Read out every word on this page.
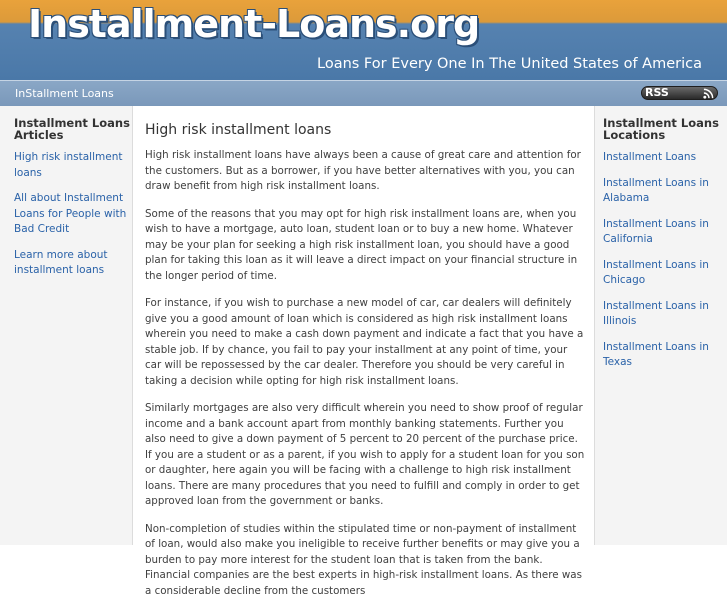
Installment-Loans.org
Loans For Every One In The United States of America
InStallment Loans	RSS
Installment Loans Articles
High risk installment loans
All about Installment Loans for People with Bad Credit
Learn more about installment loans
High risk installment loans

High risk installment loans have always been a cause of great care and attention for the customers. But as a borrower, if you have better alternatives with you, you can draw benefit from high risk installment loans.

Some of the reasons that you may opt for high risk installment loans are, when you wish to have a mortgage, auto loan, student loan or to buy a new home. Whatever may be your plan for seeking a high risk installment loan, you should have a good plan for taking this loan as it will leave a direct impact on your financial structure in the longer period of time.

For instance, if you wish to purchase a new model of car, car dealers will definitely give you a good amount of loan which is considered as high risk installment loans wherein you need to make a cash down payment and indicate a fact that you have a stable job. If by chance, you fail to pay your installment at any point of time, your car will be repossessed by the car dealer. Therefore you should be very careful in taking a decision while opting for high risk installment loans.

Similarly mortgages are also very difficult wherein you need to show proof of regular income and a bank account apart from monthly banking statements. Further you also need to give a down payment of 5 percent to 20 percent of the purchase price. If you are a student or as a parent, if you wish to apply for a student loan for you son or daughter, here again you will be facing with a challenge to high risk installment loans. There are many procedures that you need to fulfill and comply in order to get approved loan from the government or banks.

Non-completion of studies within the stipulated time or non-payment of installment of loan, would also make you ineligible to receive further benefits or may give you a burden to pay more interest for the student loan that is taken from the bank. Financial companies are the best experts in high-risk installment loans. As there was a considerable decline from the customers

Installment Loans Locations
Installment Loans
Installment Loans in Alabama
Installment Loans in California
Installment Loans in Chicago
Installment Loans in Illinois
Installment Loans in Texas
